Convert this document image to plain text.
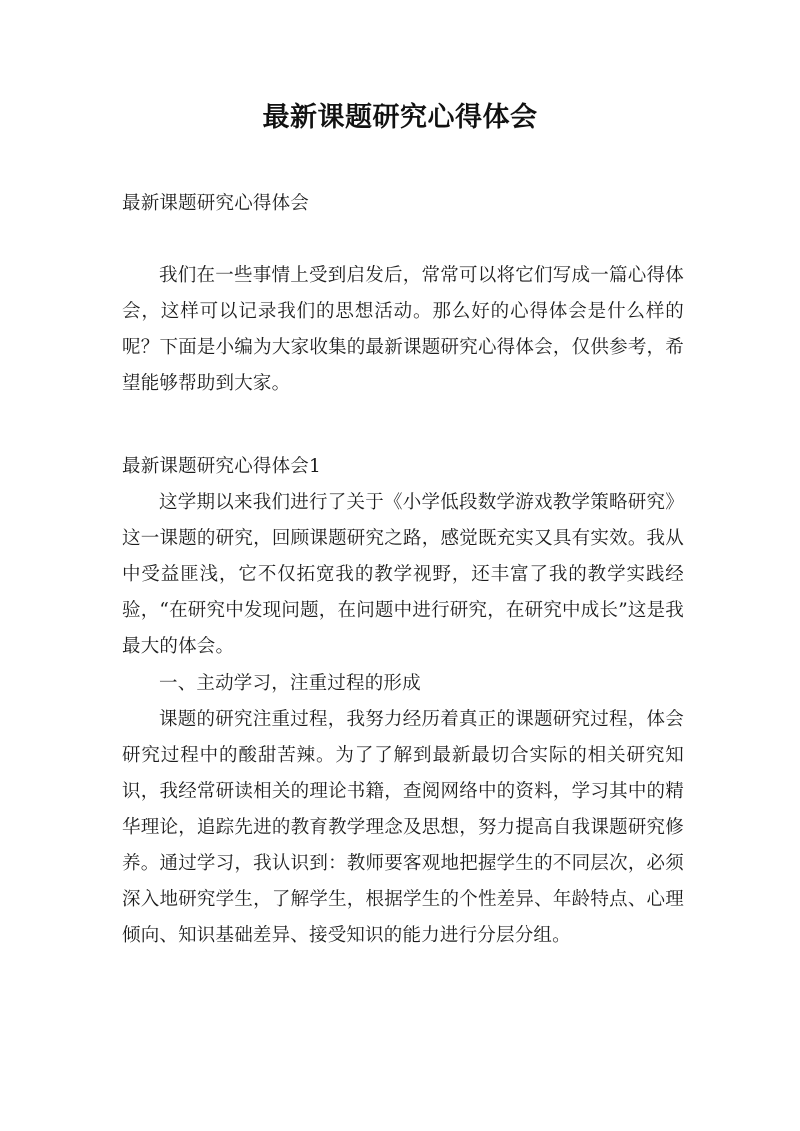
最新课题研究心得体会

最新课题研究心得体会

我们在一些事情上受到启发后，常常可以将它们写成一篇心得体会，这样可以记录我们的思想活动。那么好的心得体会是什么样的呢？下面是小编为大家收集的最新课题研究心得体会，仅供参考，希望能够帮助到大家。

最新课题研究心得体会1

这学期以来我们进行了关于《小学低段数学游戏教学策略研究》这一课题的研究，回顾课题研究之路，感觉既充实又具有实效。我从中受益匪浅，它不仅拓宽我的教学视野，还丰富了我的教学实践经验，“在研究中发现问题，在问题中进行研究，在研究中成长”这是我最大的体会。

一、主动学习，注重过程的形成

课题的研究注重过程，我努力经历着真正的课题研究过程，体会研究过程中的酸甜苦辣。为了了解到最新最切合实际的相关研究知识，我经常研读相关的理论书籍，查阅网络中的资料，学习其中的精华理论，追踪先进的教育教学理念及思想，努力提高自我课题研究修养。通过学习，我认识到：教师要客观地把握学生的不同层次，必须深入地研究学生，了解学生，根据学生的个性差异、年龄特点、心理倾向、知识基础差异、接受知识的能力进行分层分组。
